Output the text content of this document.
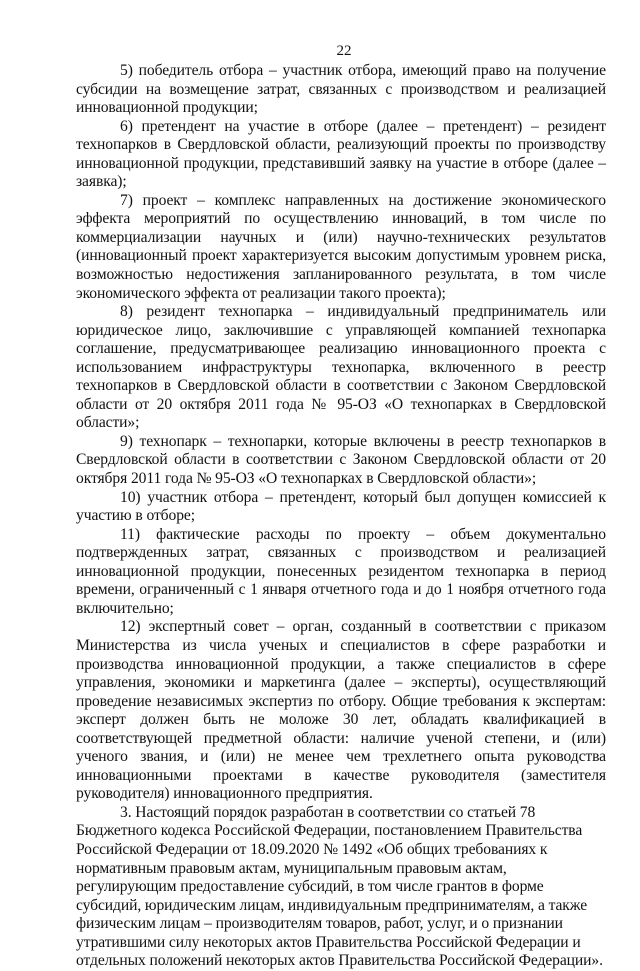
22

5) победитель отбора – участник отбора, имеющий право на получение субсидии на возмещение затрат, связанных с производством и реализацией инновационной продукции;

6) претендент на участие в отборе (далее – претендент) – резидент технопарков в Свердловской области, реализующий проекты по производству инновационной продукции, представивший заявку на участие в отборе (далее – заявка);

7) проект – комплекс направленных на достижение экономического эффекта мероприятий по осуществлению инноваций, в том числе по коммерциализации научных и (или) научно-технических результатов (инновационный проект характеризуется высоким допустимым уровнем риска, возможностью недостижения запланированного результата, в том числе экономического эффекта от реализации такого проекта);

8) резидент технопарка – индивидуальный предприниматель или юридическое лицо, заключившие с управляющей компанией технопарка соглашение, предусматривающее реализацию инновационного проекта с использованием инфраструктуры технопарка, включенного в реестр технопарков в Свердловской области в соответствии с Законом Свердловской области от 20 октября 2011 года № 95-ОЗ «О технопарках в Свердловской области»;

9) технопарк – технопарки, которые включены в реестр технопарков в Свердловской области в соответствии с Законом Свердловской области от 20 октября 2011 года № 95-ОЗ «О технопарках в Свердловской области»;

10) участник отбора – претендент, который был допущен комиссией к участию в отборе;

11) фактические расходы по проекту – объем документально подтвержденных затрат, связанных с производством и реализацией инновационной продукции, понесенных резидентом технопарка в период времени, ограниченный с 1 января отчетного года и до 1 ноября отчетного года включительно;

12) экспертный совет – орган, созданный в соответствии с приказом Министерства из числа ученых и специалистов в сфере разработки и производства инновационной продукции, а также специалистов в сфере управления, экономики и маркетинга (далее – эксперты), осуществляющий проведение независимых экспертиз по отбору. Общие требования к экспертам: эксперт должен быть не моложе 30 лет, обладать квалификацией в соответствующей предметной области: наличие ученой степени, и (или) ученого звания, и (или) не менее чем трехлетнего опыта руководства инновационными проектами в качестве руководителя (заместителя руководителя) инновационного предприятия.

3. Настоящий порядок разработан в соответствии со статьей 78 Бюджетного кодекса Российской Федерации, постановлением Правительства Российской Федерации от 18.09.2020 № 1492 «Об общих требованиях к нормативным правовым актам, муниципальным правовым актам, регулирующим предоставление субсидий, в том числе грантов в форме субсидий, юридическим лицам, индивидуальным предпринимателям, а также физическим лицам – производителям товаров, работ, услуг, и о признании утратившими силу некоторых актов Правительства Российской Федерации и отдельных положений некоторых актов Правительства Российской Федерации».
